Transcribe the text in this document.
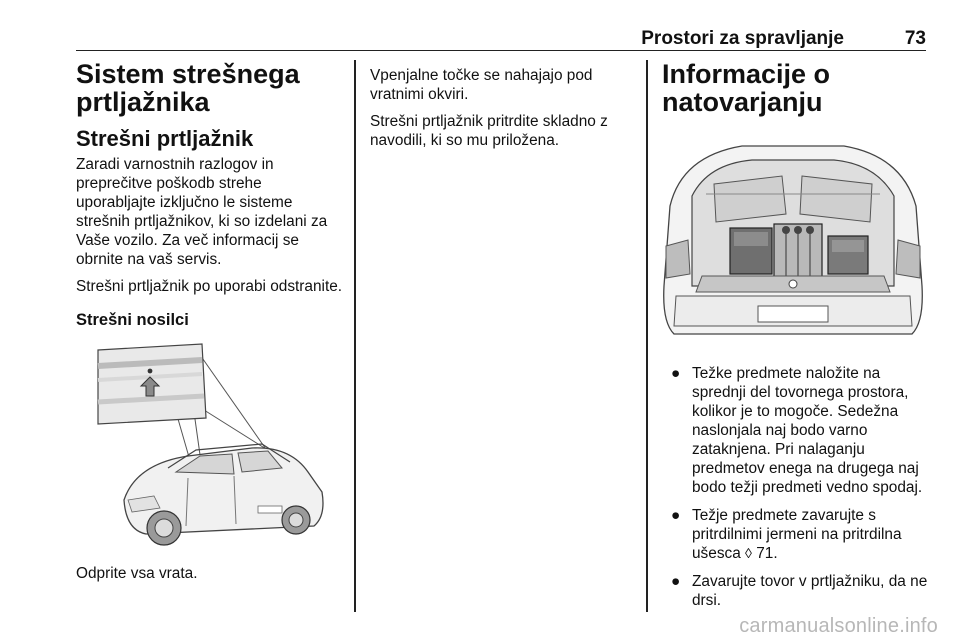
Prostori za spravljanje	73
Sistem strešnega prtljažnika
Strešni prtljažnik

Zaradi varnostnih razlogov in preprečitve poškodb strehe uporabljajte izključno le sisteme strešnih prtljažnikov, ki so izdelani za Vaše vozilo. Za več informacij se obrnite na vaš servis.

Strešni prtljažnik po uporabi odstranite.

Strešni nosilci
Odprite vsa vrata.

Vpenjalne točke se nahajajo pod vratnimi okviri.

Strešni prtljažnik pritrdite skladno z navodili, ki so mu priložena.

Informacije o natovarjanju
● Težke predmete naložite na sprednji del tovornega prostora, kolikor je to mogoče. Sedežna naslonjala naj bodo varno zataknjena. Pri nalaganju predmetov enega na drugega naj bodo težji predmeti vedno spodaj.
● Težje predmete zavarujte s pritrdilnimi jermeni na pritrdilna ušesca ◊ 71.
● Zavarujte tovor v prtljažniku, da ne drsi.
carmanualsonline.info
